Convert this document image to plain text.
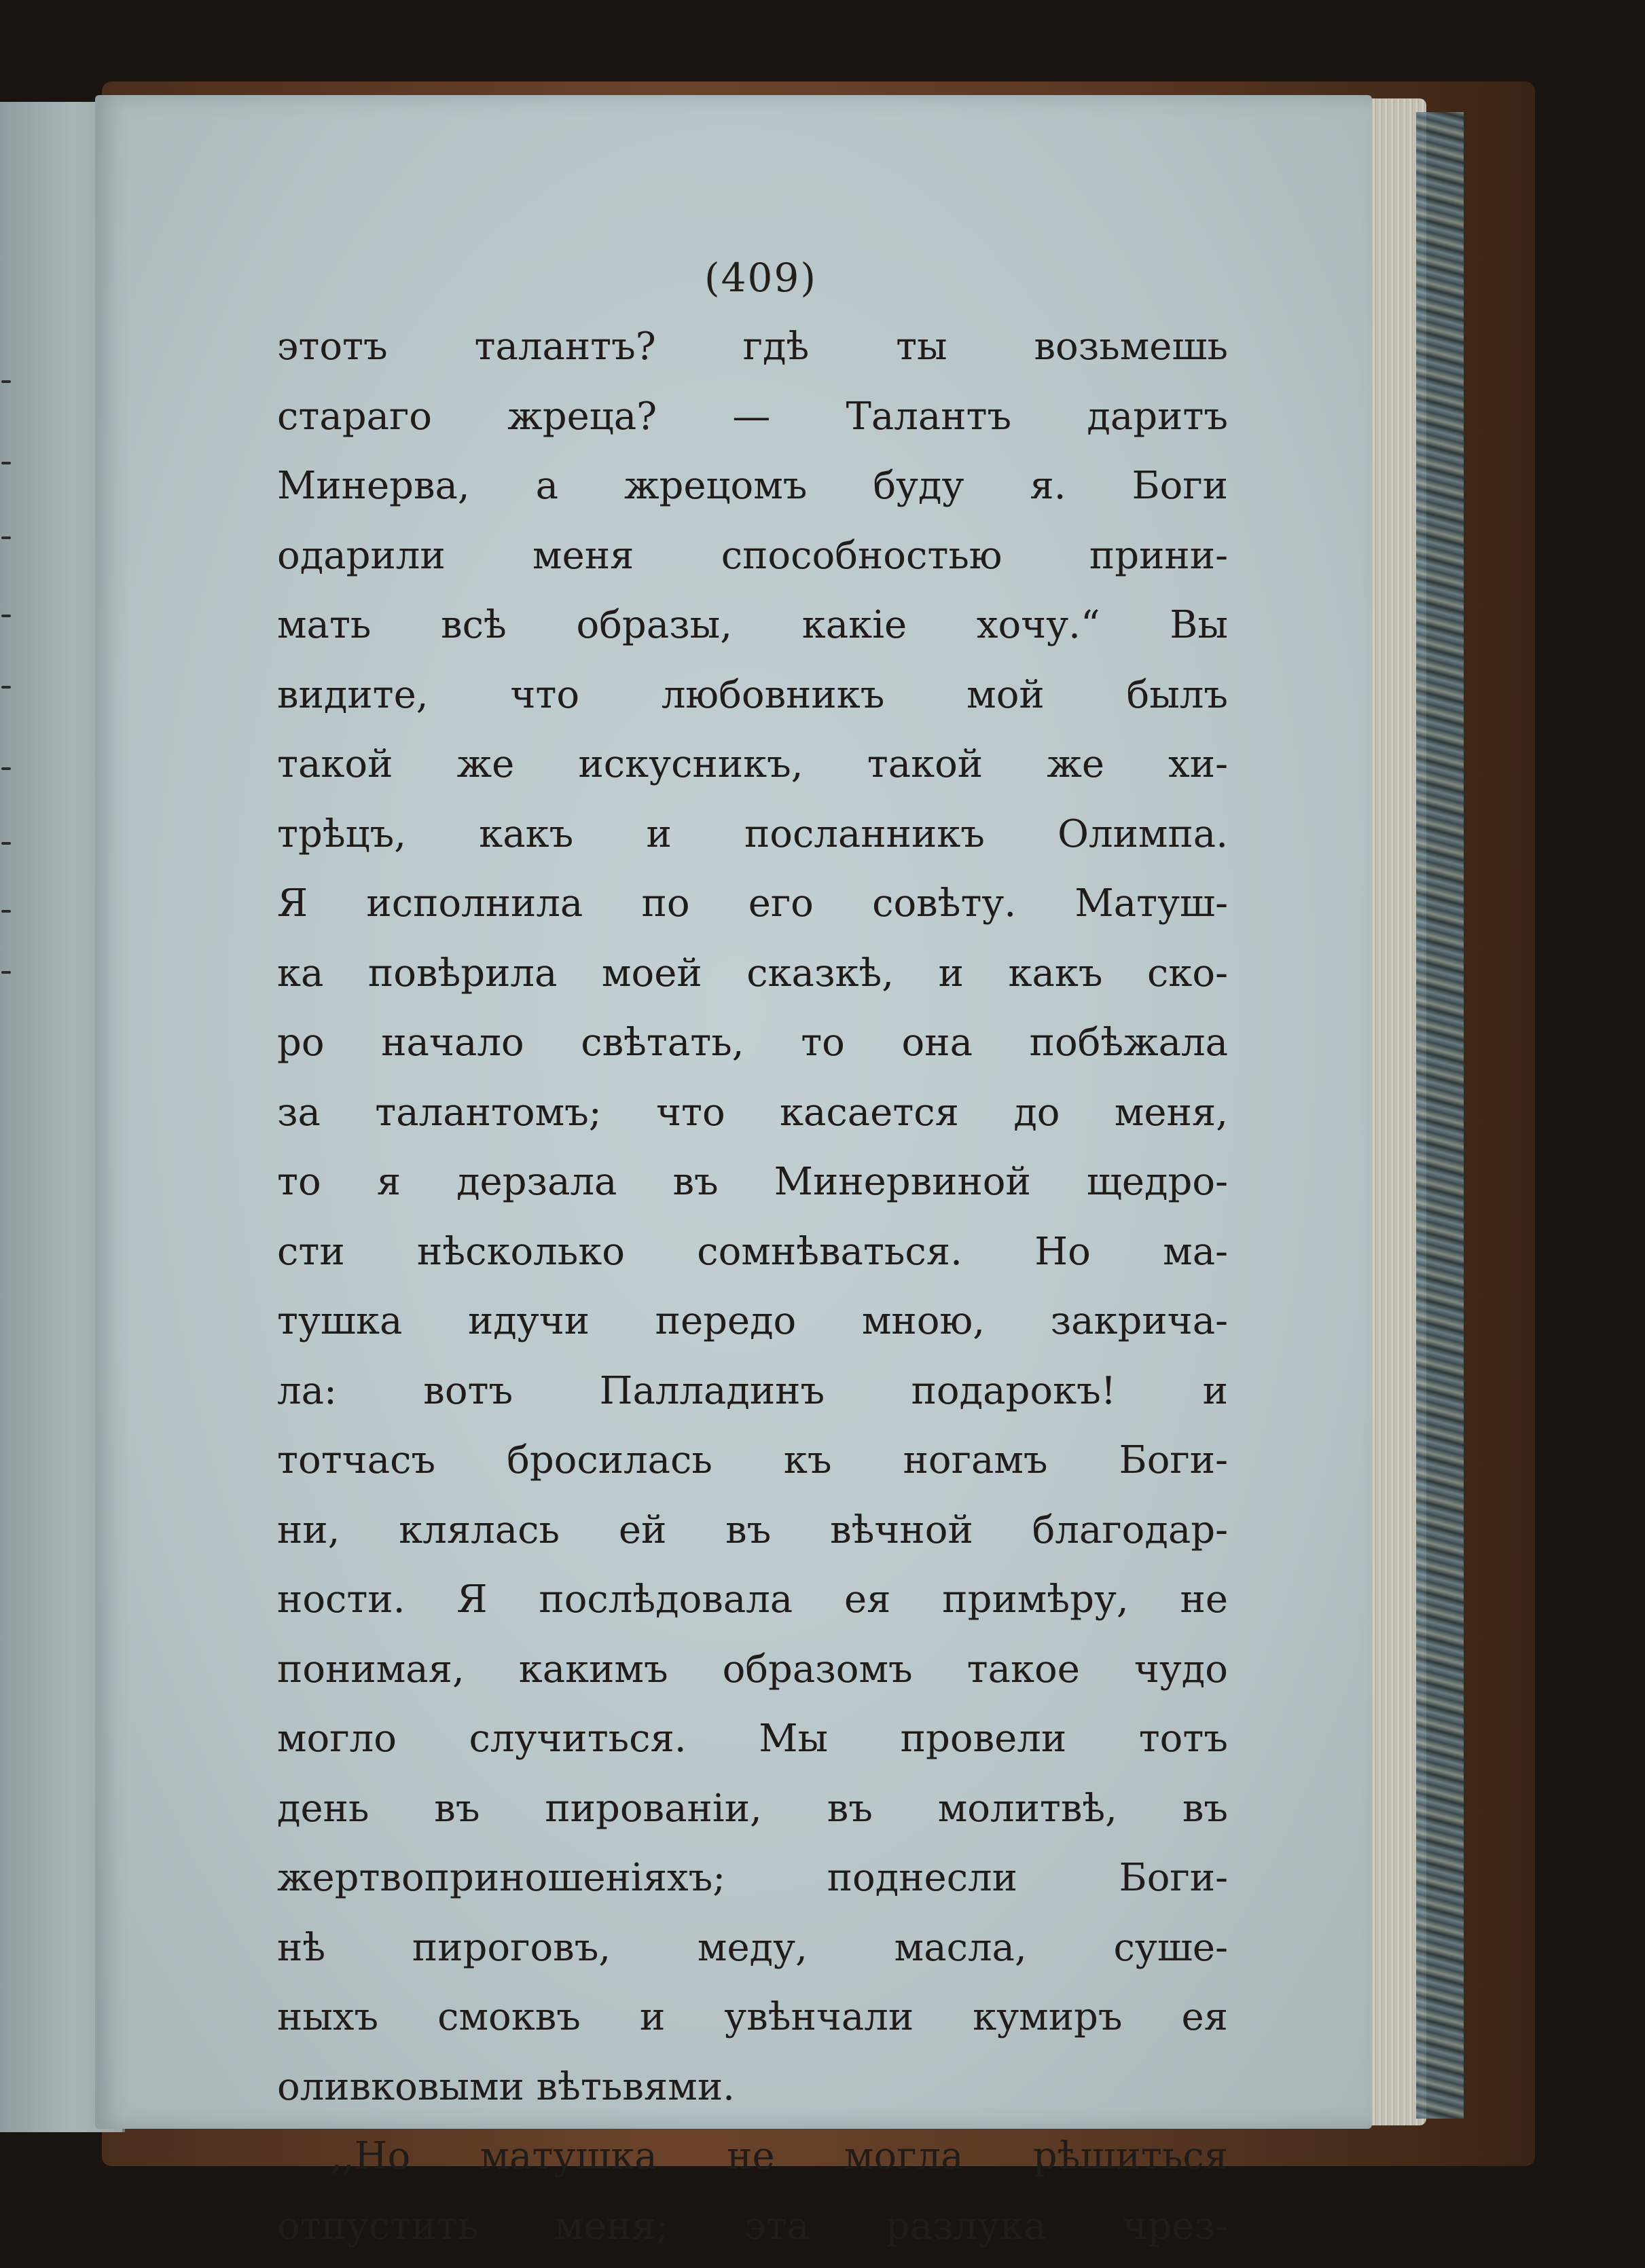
(409)
этотъ талантъ? гдѣ ты возьмешь
стараго жреца? — Талантъ даритъ
Минерва, а жрецомъ буду я. Боги
одарили меня способностью прини-
мать всѣ образы, какіе хочу.“ Вы
видите, что любовникъ мой былъ
такой же искусникъ, такой же хи-
трѣцъ, какъ и посланникъ Олимпа.
Я исполнила по его совѣту. Матуш-
ка повѣрила моей сказкѣ, и какъ ско-
ро начало свѣтать, то она побѣжала
за талантомъ; что касается до меня,
то я дерзала въ Минервиной щедро-
сти нѣсколько сомнѣваться. Но ма-
тушка идучи передо мною, закрича-
ла: вотъ Палладинъ подарокъ! и
тотчасъ бросилась къ ногамъ Боги-
ни, клялась ей въ вѣчной благодар-
ности. Я послѣдовала ея примѣру, не
понимая, какимъ образомъ такое чудо
могло случиться. Мы провели тотъ
день въ пированіи, въ молитвѣ, въ
жертвоприношеніяхъ; поднесли Боги-
нѣ пироговъ, меду, масла, суше-
ныхъ смоквъ и увѣнчали кумиръ ея
оливковыми вѣтьвями.
,,Но матушка не могла рѣшиться
отпустить меня; эта разлука чрез-
